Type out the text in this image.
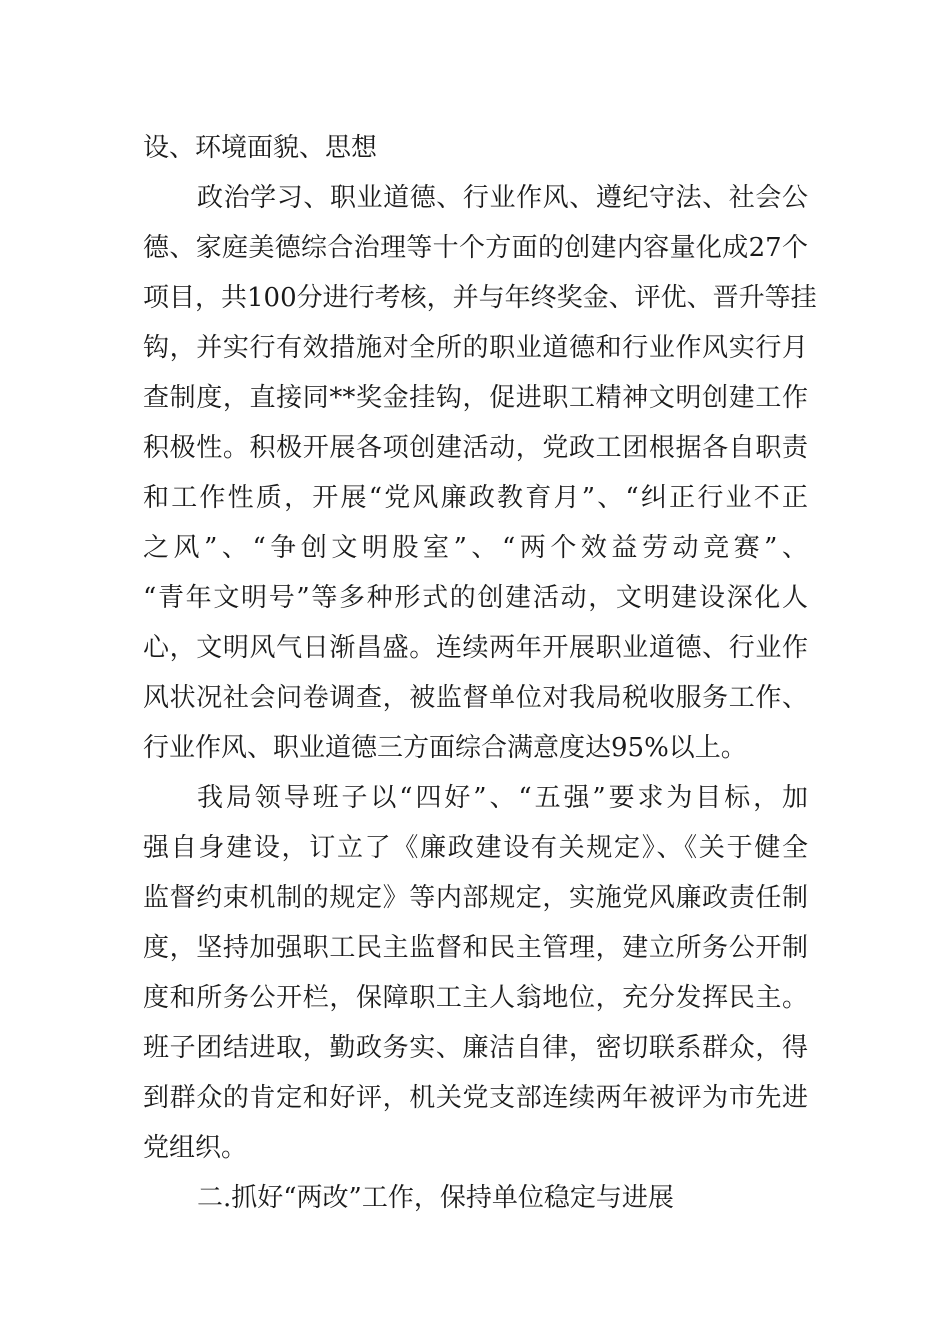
设、环境面貌、思想
政治学习、职业道德、行业作风、遵纪守法、社会公
德、家庭美德综合治理等十个方面的创建内容量化成27个
项目，共100分进行考核，并与年终奖金、评优、晋升等挂
钩，并实行有效措施对全所的职业道德和行业作风实行月
查制度，直接同**奖金挂钩，促进职工精神文明创建工作
积极性。积极开展各项创建活动，党政工团根据各自职责
和工作性质，开展“党风廉政教育月”、“纠正行业不正
之风”、“争创文明股室”、“两个效益劳动竞赛”、
“青年文明号”等多种形式的创建活动，文明建设深化人
心，文明风气日渐昌盛。连续两年开展职业道德、行业作
风状况社会问卷调查，被监督单位对我局税收服务工作、
行业作风、职业道德三方面综合满意度达95%以上。
我局领导班子以“四好”、“五强”要求为目标，加
强自身建设，订立了《廉政建设有关规定》、《关于健全
监督约束机制的规定》等内部规定，实施党风廉政责任制
度，坚持加强职工民主监督和民主管理，建立所务公开制
度和所务公开栏，保障职工主人翁地位，充分发挥民主。
班子团结进取，勤政务实、廉洁自律，密切联系群众，得
到群众的肯定和好评，机关党支部连续两年被评为市先进
党组织。
二.抓好“两改”工作，保持单位稳定与进展
